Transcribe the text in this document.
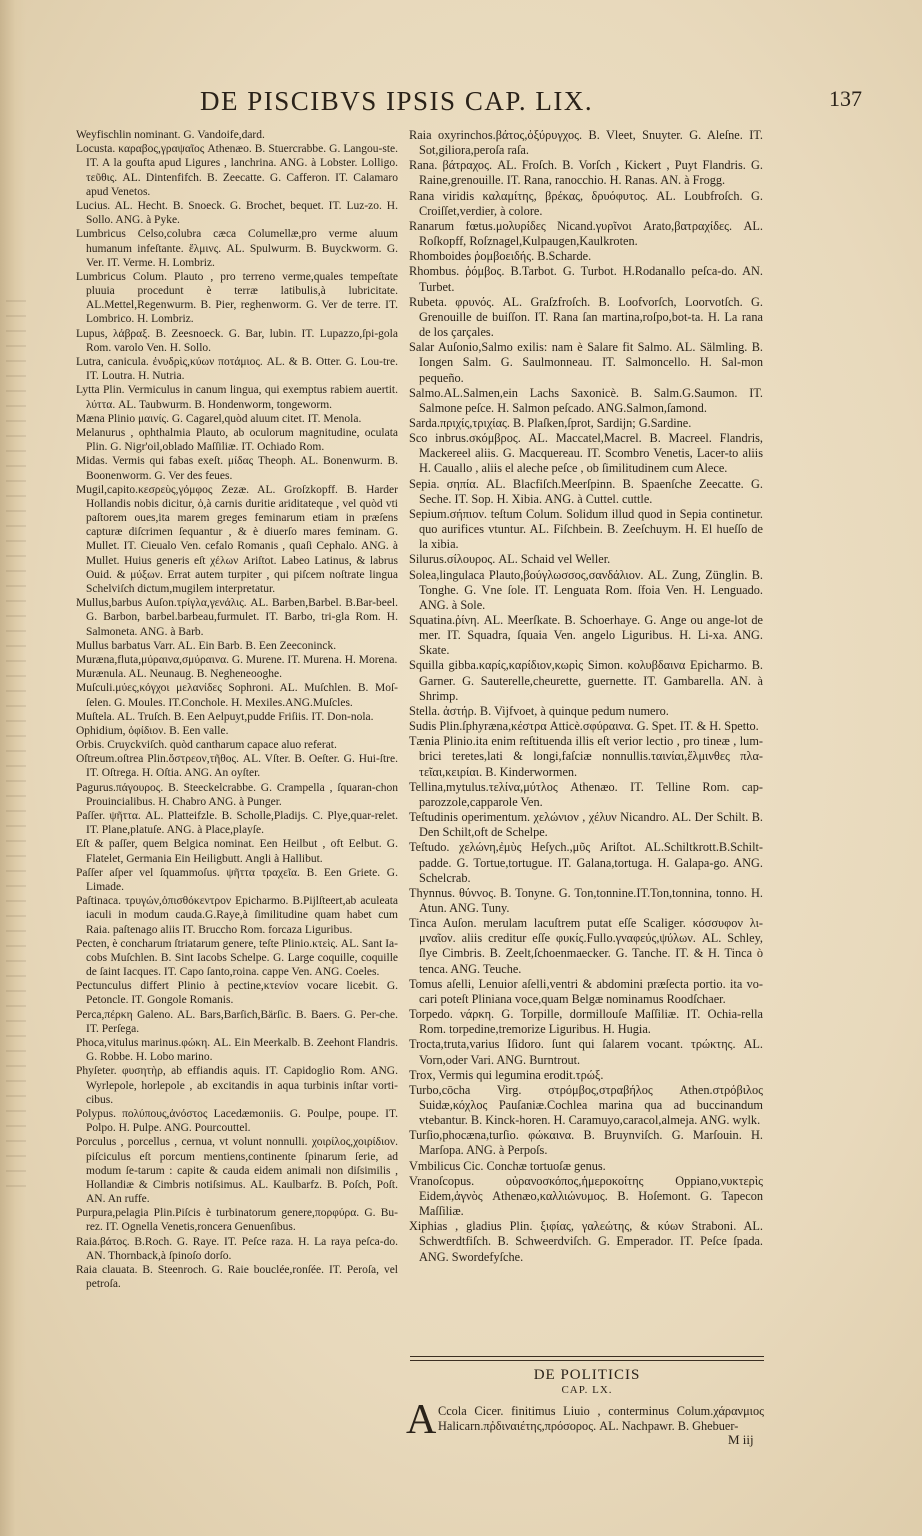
DE PISCIBVS IPSIS CAP. LIX.	137

Weyfischlin nominant. G. Vandoife,dard.

Locusta. καραβος,γραψαῖος Athenæo. B. Stuercrabbe. G. Langou-ste. IT. A la goufta apud Ligures , lanchrina. ANG. à Lobster. Lolligo. τεῦθις. AL. Dintenfifch. B. Zeecatte. G. Cafferon. IT. Calamaro apud Venetos.

Lucius. AL. Hecht. B. Snoeck. G. Brochet, bequet. IT. Luz-zo. H. Sollo. ANG. à Pyke.

Lumbricus Celso,colubra cæca Columellæ,pro verme aluum humanum infeſtante. ἕλμινς. AL. Spulwurm. B. Buyckworm. G. Ver. IT. Verme. H. Lombriz.

Lumbricus Colum. Plauto , pro terreno verme,quales tempeſtate pluuia procedunt è terræ latibulis,à lubricitate. AL.Mettel,Regenwurm. B. Pier, reghenworm. G. Ver de terre. IT. Lombrico. H. Lombriz.

Lupus, λάβραξ. B. Zeesnoeck. G. Bar, lubin. IT. Lupazzo,ſpi-gola Rom. varolo Ven. H. Sollo.

Lutra, canicula. ἐνυδρὶς,κύων ποτάμιος. AL. & B. Otter. G. Lou-tre. IT. Loutra. H. Nutria.

Lytta Plin. Vermiculus in canum lingua, qui exemptus rabiem auertit. λύττα. AL. Taubwurm. B. Hondenworm, tongeworm.

Mæna Plinio μαινίς. G. Cagarel,quòd aluum citet. IT. Menola.

Melanurus , ophthalmia Plauto, ab oculorum magnitudine, oculata Plin. G. Nigr'oil,oblado Maſſiliæ. IT. Ochiado Rom.

Midas. Vermis qui fabas exeſt. μίδας Theoph. AL. Bonenwurm. B. Boonenworm. G. Ver des feues.

Mugil,capito.κεσρεὺς,γόμφος Zezæ. AL. Groſzkopff. B. Harder Hollandis nobis dicitur, ὁ,à carnis duritie ariditateque , vel quòd vti paſtorem oues,ita marem greges feminarum etiam in præſens capturæ diſcrimen ſequantur , & è diuerſo mares feminam. G. Mullet. IT. Cieualo Ven. cefalo Romanis , quaſi Cephalo. ANG. à Mullet. Huius generis eſt χέλων Ariſtot. Labeo Latinus, & labrus Ouid. & μύξων. Errat autem turpiter , qui piſcem noſtrate lingua Schelviſch dictum,mugilem interpretatur.

Mullus,barbus Auſon.τρίγλα,γενάλις. AL. Barben,Barbel. B.Bar-beel. G. Barbon, barbel.barbeau,furmulet. IT. Barbo, tri-gla Rom. H. Salmoneta. ANG. à Barb.

Mullus barbatus Varr. AL. Ein Barb. B. Een Zeeconinck.

Muræna,fluta,μύραινα,σμύραινα. G. Murene. IT. Murena. H. Morena.

Murænula. AL. Neunaug. B. Negheneooghe.

Muſculi.μύες,κόγχοι μελανίδες Sophroni. AL. Muſchlen. B. Moſ-ſelen. G. Moules. IT.Conchole. H. Mexiles.ANG.Muſcles.

Muſtela. AL. Truſch. B. Een Aelpuyt,pudde Friſiis. IT. Don-nola.

Ophidium, ὀφίδιον. B. Een valle.

Orbis. Cruyckviſch. quòd cantharum capace aluo referat.

Oſtreum.oſtrea Plin.ὄστρεον,τῆθος. AL. Vſter. B. Oeſter. G. Hui-ſtre. IT. Oſtrega. H. Oſtia. ANG. An oyſter.

Pagurus.πάγουρος. B. Steeckelcrabbe. G. Crampella , ſquaran-chon Prouincialibus. H. Chabro ANG. à Punger.

Paſſer. ψῆττα. AL. Platteifzle. B. Scholle,Pladijs. C. Plye,quar-relet. IT. Plane,platuſe. ANG. à Place,playſe.

Eſt & paſſer, quem Belgica nominat. Een Heilbut , oft Eelbut. G. Flatelet, Germania Ein Heiligbutt. Angli à Hallibut.

Paſſer aſper vel ſquammoſus. ψῆττα τραχεῖα. B. Een Griete. G. Limade.

Paſtinaca. τρυγών,ὀπισθόκεντρον Epicharmo. B.Pijlſteert,ab aculeata iaculi in modum cauda.G.Raye,à ſimilitudine quam habet cum Raia. paſtenago aliis IT. Bruccho Rom. forcaza Liguribus.

Pecten, è concharum ſtriatarum genere, teſte Plinio.κτεὶς. AL. Sant Ia-cobs Muſchlen. B. Sint Iacobs Schelpe. G. Large coquille, coquille de ſaint Iacques. IT. Capo ſanto,roina. cappe Ven. ANG. Coeles.

Pectunculus differt Plinio à pectine,κτενίον vocare licebit. G. Petoncle. IT. Gongole Romanis.

Perca,πέρκη Galeno. AL. Bars,Barſich,Bärſic. B. Baers. G. Per-che. IT. Perſega.

Phoca,vitulus marinus.φώκη. AL. Ein Meerkalb. B. Zeehont Flandris. G. Robbe. H. Lobo marino.

Phyſeter. φυσητὴρ, ab effiandis aquis. IT. Capidoglio Rom. ANG. Wyrlepole, horlepole , ab excitandis in aqua turbinis inſtar vorti-cibus.

Polypus. πολύπους,ἀνόστος Lacedæmoniis. G. Poulpe, poupe. IT. Polpo. H. Pulpe. ANG. Pourcouttel.

Porculus , porcellus , cernua, vt volunt nonnulli. χοιρίλος,χοιρίδιον. piſciculus eſt porcum mentiens,continente ſpinarum ſerie, ad modum ſe-tarum : capite & cauda eidem animali non diſsimilis , Hollandiæ & Cimbris notiſsimus. AL. Kaulbarfz. B. Poſch, Poſt. AN. An ruffe.

Purpura,pelagia Plin.Piſcis è turbinatorum genere,πορφύρα. G. Bu-rez. IT. Ognella Venetis,roncera Genuenſibus.

Raia.βάτος. B.Roch. G. Raye. IT. Peſce raza. H. La raya peſca-do. AN. Thornback,à ſpinoſo dorſo.

Raia clauata. B. Steenroch. G. Raie bouclée,ronſée. IT. Peroſa, vel petroſa.

Raia oxyrinchos.βάτος,ὀξύρυγχος. B. Vleet, Snuyter. G. Aleſne. IT. Sot,giliora,peroſa raſa.

Rana. βάτραχος. AL. Froſch. B. Vorſch , Kickert , Puyt Flandris. G. Raine,grenouille. IT. Rana, ranocchio. H. Ranas. AN. à Frogg.

Rana viridis καλαμίτης, βρέκας, δρυόφυτος. AL. Loubfroſch. G. Croiſſet,verdier, à colore.

Ranarum fœtus.μολυρίδες Nicand.γυρῖνοι Arato,βατραχίδες. AL. Roſkopff, Roſznagel,Kulpaugen,Kaulkroten.

Rhomboides ῥομβοειδής. B.Scharde.

Rhombus. ῥόμβος. B.Tarbot. G. Turbot. H.Rodanallo peſca-do. AN. Turbet.

Rubeta. φρυνός. AL. Graſzfroſch. B. Loofvorſch, Loorvotſch. G. Grenouille de buiſſon. IT. Rana ſan martina,roſpo,bot-ta. H. La rana de los çarçales.

Salar Auſonio,Salmo exilis: nam è Salare fit Salmo. AL. Sälmling. B. Iongen Salm. G. Saulmonneau. IT. Salmoncello. H. Sal-mon pequeño.

Salmo.AL.Salmen,ein Lachs Saxonicè. B. Salm.G.Saumon. IT. Salmone peſce. H. Salmon peſcado. ANG.Salmon,ſamond.

Sarda.πριχίς,τριχίας. B. Plaſken,ſprot, Sardijn; G.Sardine.

Sco inbrus.σκόμβρος. AL. Maccatel,Macrel. B. Macreel. Flandris, Mackereel aliis. G. Macquereau. IT. Scombro Venetis, Lacer-to aliis H. Cauallo , aliis el aleche peſce , ob ſimilitudinem cum Alece.

Sepia. σηπία. AL. Blacfiſch.Meerſpinn. B. Spaenſche Zeecatte. G. Seche. IT. Sop. H. Xibia. ANG. à Cuttel. cuttle.

Sepium.σήπιον. teſtum Colum. Solidum illud quod in Sepia continetur. quo aurifices vtuntur. AL. Fiſchbein. B. Zeeſchuym. H. El hueſſo de la xibia.

Silurus.σίλουρος. AL. Schaid vel Weller.

Solea,lingulaca Plauto,βούγλωσσος,σανδάλιον. AL. Zung, Zünglin. B. Tonghe. G. Vne ſole. IT. Lenguata Rom. ſfoia Ven. H. Lenguado. ANG. à Sole.

Squatina.ῥίνη. AL. Meerſkate. B. Schoerhaye. G. Ange ou ange-lot de mer. IT. Squadra, ſquaia Ven. angelo Liguribus. H. Li-xa. ANG. Skate.

Squilla gibba.καρίς,καρίδιον,κωρὶς Simon. κολυβδαινα Epicharmo. B. Garner. G. Sauterelle,cheurette, guernette. IT. Gambarella. AN. à Shrimp.

Stella. ἀστήρ. B. Vijfvoet, à quinque pedum numero.

Sudis Plin.ſphyræna,κέστρα Atticè.σφύραινα. G. Spet. IT. & H. Spetto.

Tænia Plinio.ita enim reſtituenda illis eſt verior lectio , pro tineæ , lum-brici teretes,lati & longi,faſciæ nonnullis.ταινίαι,ἕλμινθες πλα-τεῖαι,κειρίαι. B. Kinderwormen.

Tellina,mytulus.τελίνα,μύτλος Athenæo. IT. Telline Rom. cap-parozzole,capparole Ven.

Teſtudinis operimentum. χελώνιον , χέλυν Nicandro. AL. Der Schilt. B. Den Schilt,oft de Schelpe.

Teſtudo. χελώνη,ἐμὺς Heſych.,μῦς Ariſtot. AL.Schiltkrott.B.Schilt-padde. G. Tortue,tortugue. IT. Galana,tortuga. H. Galapa-go. ANG. Schelcrab.

Thynnus. θύννος. B. Tonyne. G. Ton,tonnine.IT.Ton,tonnina, tonno. H. Atun. ANG. Tuny.

Tinca Auſon. merulam lacuſtrem putat eſſe Scaliger. κόσσυφον λι-μναῖον. aliis creditur eſſe φυκίς.Fullo.γναφεύς,ψύλων. AL. Schley, ſlye Cimbris. B. Zeelt,ſchoenmaecker. G. Tanche. IT. & H. Tinca ò tenca. ANG. Teuche.

Tomus aſelli, Lenuior aſelli,ventri & abdomini præſecta portio. ita vo-cari poteſt Pliniana voce,quam Belgæ nominamus Roodſchaer.

Torpedo. νάρκη. G. Torpille, dormillouſe Maſſiliæ. IT. Ochia-rella Rom. torpedine,tremorize Liguribus. H. Hugia.

Trocta,truta,varius Iſidoro. ſunt qui ſalarem vocant. τρώκτης. AL. Vorn,oder Vari. ANG. Burntrout.

Trox, Vermis qui legumina erodit.τρώξ.

Turbo,cōcha Virg. στρόμβος,στραβήλος Athen.στρόβιλος Suidæ,κόχλος Pauſaniæ.Cochlea marina qua ad buccinandum vtebantur. B. Kinck-horen. H. Caramuyo,caracol,almeja. ANG. wylk.

Turſio,phocæna,turſio. φώκαινα. B. Bruynviſch. G. Marſouin. H. Marſopa. ANG. à Perpoſs.

Vmbilicus Cic. Conchæ tortuoſæ genus.

Vranoſcopus. οὐρανοσκόπος,ἡμεροκοίτης Oppiano,νυκτερὶς Eidem,ἁγνὸς Athenæo,καλλιώνυμος. B. Hoſemont. G. Tapecon Maſſiliæ.

Xiphias , gladius Plin. ξιφίας, γαλεώτης, & κύων Straboni. AL. Schwerdtfiſch. B. Schweerdviſch. G. Emperador. IT. Peſce ſpada. ANG. Swordefyſche.

DE POLITICIS
CAP. LX.
A Ccola Cicer. finitimus Liuio , conterminus Colum.χάρανμιος Halicarn.πῤδιναιέτης,πρόσορος. AL. Nachpawr. B. Ghebuer-
M iij
